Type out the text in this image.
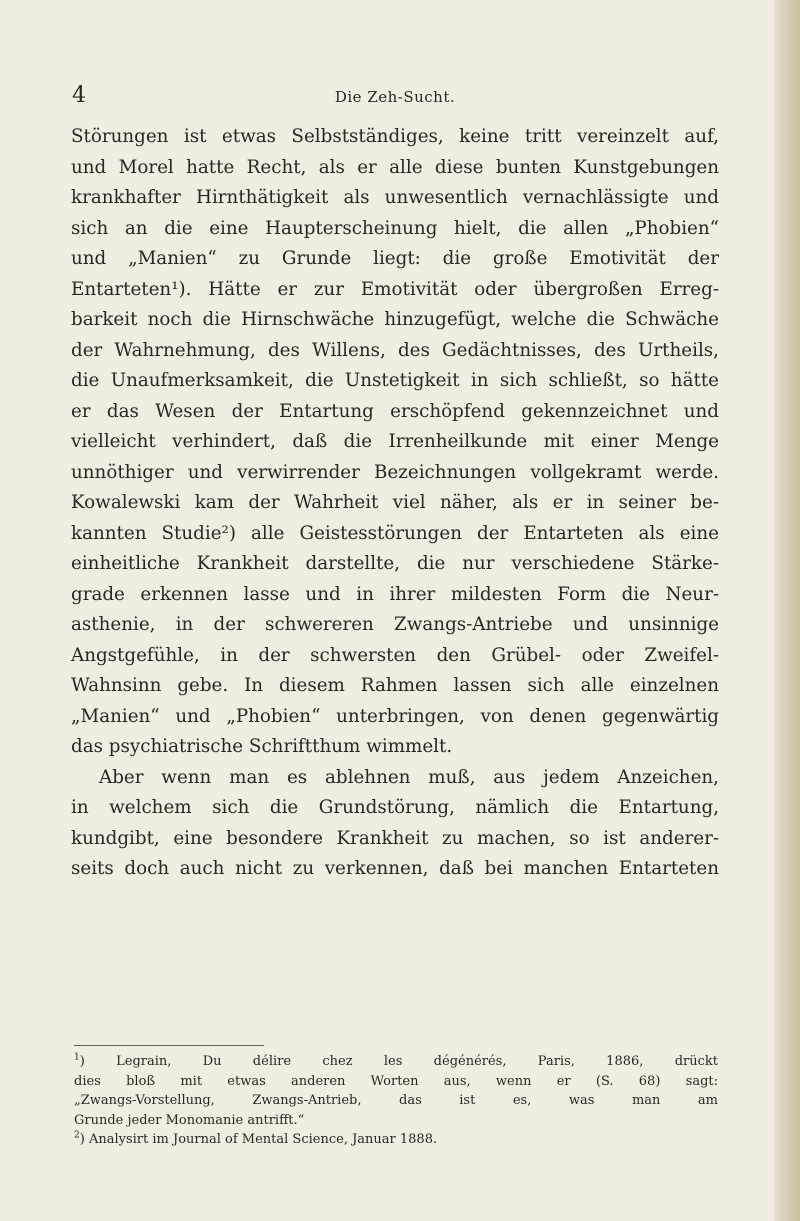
4	Die Zeh-Sucht.

Störungen ist etwas Selbstständiges, keine tritt vereinzelt auf,
und Morel hatte Recht, als er alle diese bunten Kunstgebungen
krankhafter Hirnthätigkeit als unwesentlich vernachlässigte und
sich an die eine Haupterscheinung hielt, die allen „Phobien“
und „Manien“ zu Grunde liegt: die große Emotivität der
Entarteten¹). Hätte er zur Emotivität oder übergroßen Erreg-
barkeit noch die Hirnschwäche hinzugefügt, welche die Schwäche
der Wahrnehmung, des Willens, des Gedächtnisses, des Urtheils,
die Unaufmerksamkeit, die Unstetigkeit in sich schließt, so hätte
er das Wesen der Entartung erschöpfend gekennzeichnet und
vielleicht verhindert, daß die Irrenheilkunde mit einer Menge
unnöthiger und verwirrender Bezeichnungen vollgekramt werde.
Kowalewski kam der Wahrheit viel näher, als er in seiner be-
kannten Studie²) alle Geistesstörungen der Entarteten als eine
einheitliche Krankheit darstellte, die nur verschiedene Stärke-
grade erkennen lasse und in ihrer mildesten Form die Neur-
asthenie, in der schwereren Zwangs-Antriebe und unsinnige
Angstgefühle, in der schwersten den Grübel- oder Zweifel-
Wahnsinn gebe. In diesem Rahmen lassen sich alle einzelnen
„Manien“ und „Phobien“ unterbringen, von denen gegenwärtig
das psychiatrische Schriftthum wimmelt.

Aber wenn man es ablehnen muß, aus jedem Anzeichen,
in welchem sich die Grundstörung, nämlich die Entartung,
kundgibt, eine besondere Krankheit zu machen, so ist anderer-
seits doch auch nicht zu verkennen, daß bei manchen Entarteten

$^1$) Legrain, Du délire chez les dégénérés, Paris, 1886, drückt
dies bloß mit etwas anderen Worten aus, wenn er (S. 68) sagt:
„Zwangs-Vorstellung, Zwangs-Antrieb, das ist es, was man am
Grunde jeder Monomanie antrifft.“
$^2$) Analysirt im Journal of Mental Science, Januar 1888.
